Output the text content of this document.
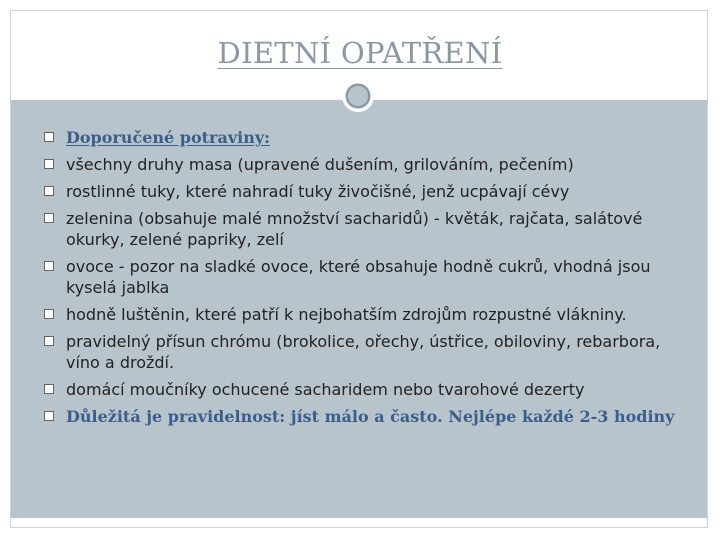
DIETNÍ OPATŘENÍ
Doporučené potraviny:
všechny druhy masa (upravené dušením, grilováním, pečením)
rostlinné tuky, které nahradí tuky živočišné, jenž ucpávají cévy
zelenina (obsahuje malé množství sacharidů) - květák, rajčata, salátové okurky, zelené papriky, zelí
ovoce - pozor na sladké ovoce, které obsahuje hodně cukrů, vhodná jsou kyselá jablka
hodně luštěnin, které patří k nejbohatším zdrojům rozpustné vlákniny.
pravidelný přísun chrómu (brokolice, ořechy, ústřice, obiloviny, rebarbora, víno a droždí.
domácí moučníky ochucené sacharidem nebo tvarohové dezerty
Důležitá je pravidelnost: jíst málo a často. Nejlépe každé 2-3 hodiny
